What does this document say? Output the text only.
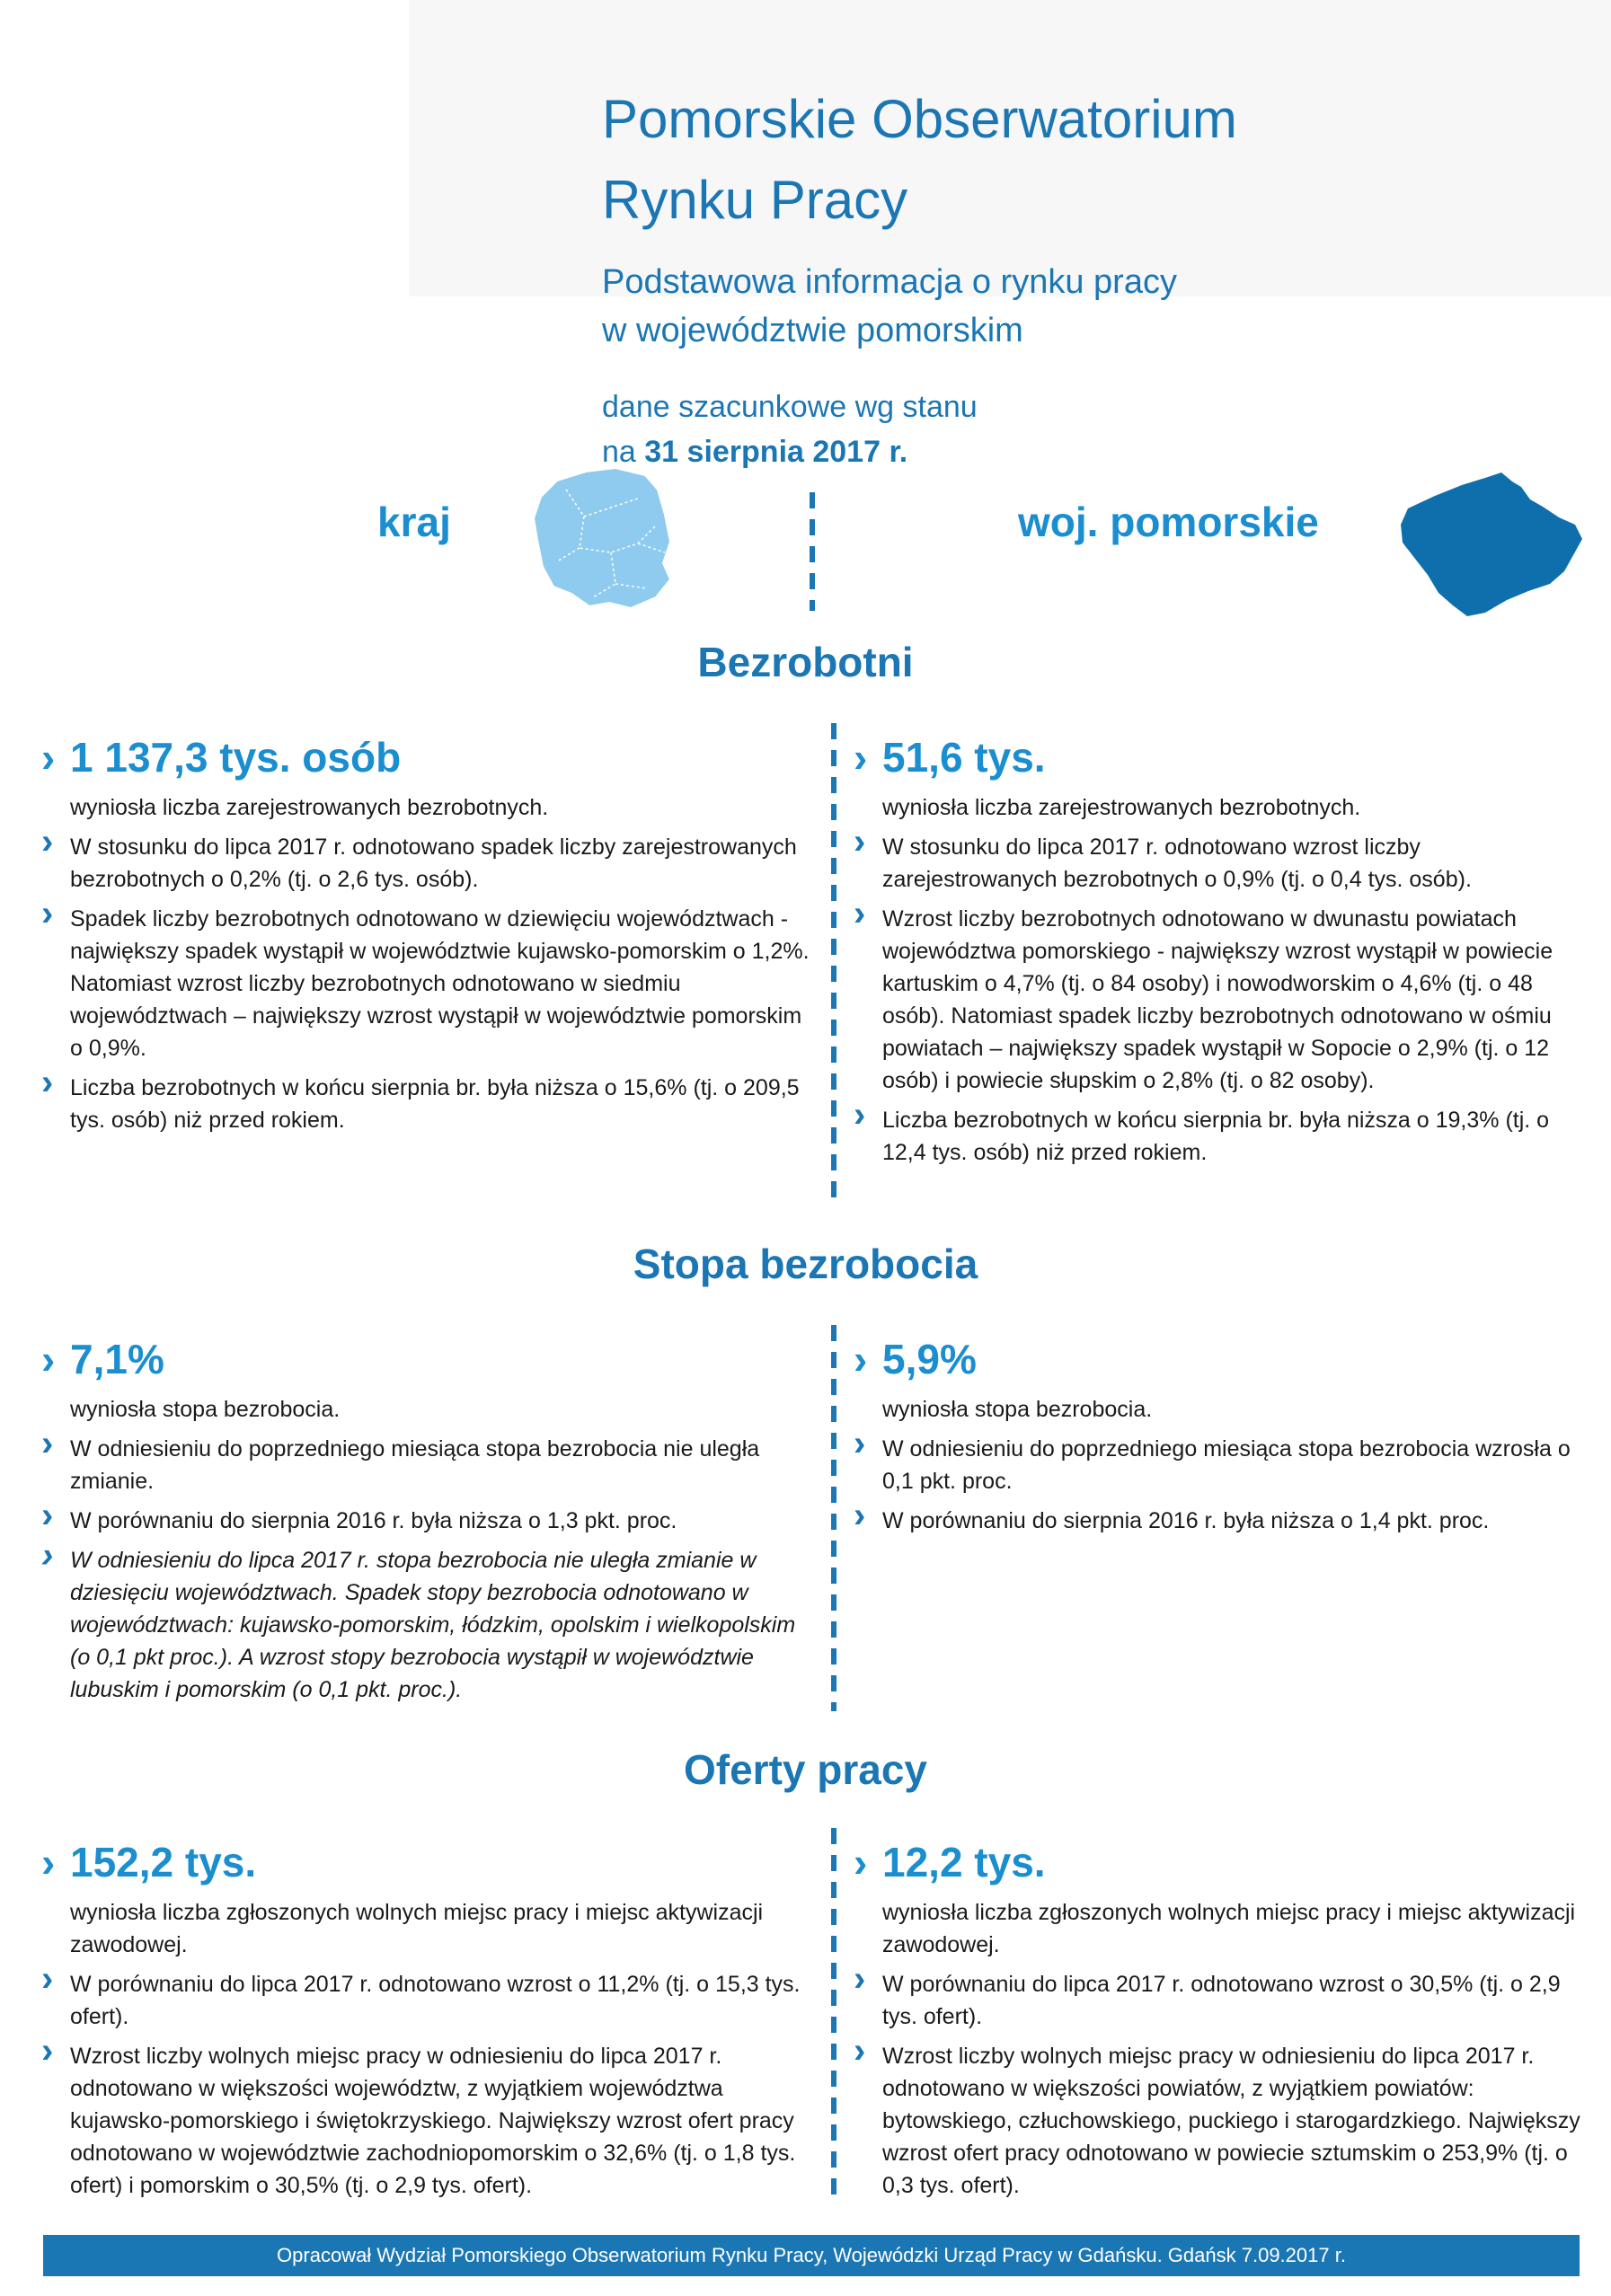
Pomorskie Obserwatorium
Rynku Pracy
Podstawowa informacja o rynku pracy
w województwie pomorskim
dane szacunkowe wg stanu
na 31 sierpnia 2017 r.
kraj	woj. pomorskie
Bezrobotni
› 1 137,3 tys. osób
wyniosła liczba zarejestrowanych bezrobotnych.
› W stosunku do lipca 2017 r. odnotowano spadek liczby zarejestrowanych bezrobotnych o 0,2% (tj. o 2,6 tys. osób).
› Spadek liczby bezrobotnych odnotowano w dziewięciu województwach - największy spadek wystąpił w województwie kujawsko-pomorskim o 1,2%. Natomiast wzrost liczby bezrobotnych odnotowano w siedmiu województwach – największy wzrost wystąpił w województwie pomorskim o 0,9%.
› Liczba bezrobotnych w końcu sierpnia br. była niższa o 15,6% (tj. o 209,5 tys. osób) niż przed rokiem.
› 51,6 tys.
wyniosła liczba zarejestrowanych bezrobotnych.
› W stosunku do lipca 2017 r. odnotowano wzrost liczby zarejestrowanych bezrobotnych o 0,9% (tj. o 0,4 tys. osób).
› Wzrost liczby bezrobotnych odnotowano w dwunastu powiatach województwa pomorskiego - największy wzrost wystąpił w powiecie kartuskim o 4,7% (tj. o 84 osoby) i nowodworskim o 4,6% (tj. o 48 osób). Natomiast spadek liczby bezrobotnych odnotowano w ośmiu powiatach – największy spadek wystąpił w Sopocie o 2,9% (tj. o 12 osób) i powiecie słupskim o 2,8% (tj. o 82 osoby).
› Liczba bezrobotnych w końcu sierpnia br. była niższa o 19,3% (tj. o 12,4 tys. osób) niż przed rokiem.
Stopa bezrobocia
› 7,1%
wyniosła stopa bezrobocia.
› W odniesieniu do poprzedniego miesiąca stopa bezrobocia nie uległa zmianie.
› W porównaniu do sierpnia 2016 r. była niższa o 1,3 pkt. proc.
› W odniesieniu do lipca 2017 r. stopa bezrobocia nie uległa zmianie w dziesięciu województwach. Spadek stopy bezrobocia odnotowano w województwach: kujawsko-pomorskim, łódzkim, opolskim i wielkopolskim (o 0,1 pkt proc.). A wzrost stopy bezrobocia wystąpił w województwie lubuskim i pomorskim (o 0,1 pkt. proc.).
› 5,9%
wyniosła stopa bezrobocia.
› W odniesieniu do poprzedniego miesiąca stopa bezrobocia wzrosła o 0,1 pkt. proc.
› W porównaniu do sierpnia 2016 r. była niższa o 1,4 pkt. proc.
Oferty pracy
› 152,2 tys.
wyniosła liczba zgłoszonych wolnych miejsc pracy i miejsc aktywizacji zawodowej.
› W porównaniu do lipca 2017 r. odnotowano wzrost o 11,2% (tj. o 15,3 tys. ofert).
› Wzrost liczby wolnych miejsc pracy w odniesieniu do lipca 2017 r. odnotowano w większości województw, z wyjątkiem województwa kujawsko-pomorskiego i świętokrzyskiego. Największy wzrost ofert pracy odnotowano w województwie zachodniopomorskim o 32,6% (tj. o 1,8 tys. ofert) i pomorskim o 30,5% (tj. o 2,9 tys. ofert).
› 12,2 tys.
wyniosła liczba zgłoszonych wolnych miejsc pracy i miejsc aktywizacji zawodowej.
› W porównaniu do lipca 2017 r. odnotowano wzrost o 30,5% (tj. o 2,9 tys. ofert).
› Wzrost liczby wolnych miejsc pracy w odniesieniu do lipca 2017 r. odnotowano w większości powiatów, z wyjątkiem powiatów: bytowskiego, człuchowskiego, puckiego i starogardzkiego. Największy wzrost ofert pracy odnotowano w powiecie sztumskim o 253,9% (tj. o 0,3 tys. ofert).
Opracował Wydział Pomorskiego Obserwatorium Rynku Pracy, Wojewódzki Urząd Pracy w Gdańsku. Gdańsk 7.09.2017 r.
